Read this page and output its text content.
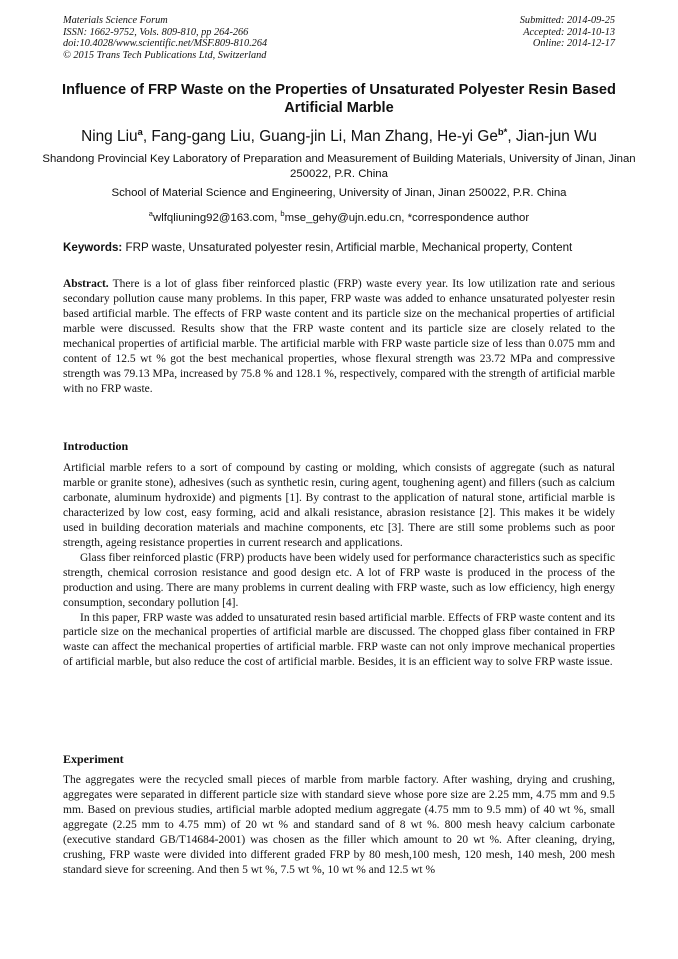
Materials Science Forum
ISSN: 1662-9752, Vols. 809-810, pp 264-266
doi:10.4028/www.scientific.net/MSF.809-810.264
© 2015 Trans Tech Publications Ltd, Switzerland
Submitted: 2014-09-25
Accepted: 2014-10-13
Online: 2014-12-17
Influence of FRP Waste on the Properties of Unsaturated Polyester Resin Based Artificial Marble
Ning Liu$^a$, Fang-gang Liu, Guang-jin Li, Man Zhang, He-yi $Ge^{b*}$, Jian-jun Wu
Shandong Provincial Key Laboratory of Preparation and Measurement of Building Materials, University of Jinan, Jinan 250022, P.R. China
School of Material Science and Engineering, University of Jinan, Jinan 250022, P.R. China
$^a$wlfqliuning92@163.com, $^b$mse_gehy@ujn.edu.cn, *correspondence author
Keywords: FRP waste, Unsaturated polyester resin, Artificial marble, Mechanical property, Content

Abstract. There is a lot of glass fiber reinforced plastic (FRP) waste every year. Its low utilization rate and serious secondary pollution cause many problems. In this paper, FRP waste was added to enhance unsaturated polyester resin based artificial marble. The effects of FRP waste content and its particle size on the mechanical properties of artificial marble were discussed. Results show that the FRP waste content and its particle size are closely related to the mechanical properties of artificial marble. The artificial marble with FRP waste particle size of less than 0.075 mm and content of 12.5 wt % got the best mechanical properties, whose flexural strength was 23.72 MPa and compressive strength was 79.13 MPa, increased by 75.8 % and 128.1 %, respectively, compared with the strength of artificial marble with no FRP waste.

Introduction

Artificial marble refers to a sort of compound by casting or molding, which consists of aggregate (such as natural marble or granite stone), adhesives (such as synthetic resin, curing agent, toughening agent) and fillers (such as calcium carbonate, aluminum hydroxide) and pigments [1]. By contrast to the application of natural stone, artificial marble is characterized by low cost, easy forming, acid and alkali resistance, abrasion resistance [2]. This makes it be widely used in building decoration materials and machine components, etc [3]. There are still some problems such as poor strength, ageing resistance properties in current research and applications.

Glass fiber reinforced plastic (FRP) products have been widely used for performance characteristics such as specific strength, chemical corrosion resistance and good design etc. A lot of FRP waste is produced in the process of the production and using. There are many problems in current dealing with FRP waste, such as low efficiency, high energy consumption, secondary pollution [4].

In this paper, FRP waste was added to unsaturated resin based artificial marble. Effects of FRP waste content and its particle size on the mechanical properties of artificial marble are discussed. The chopped glass fiber contained in FRP waste can affect the mechanical properties of artificial marble. FRP waste can not only improve mechanical properties of artificial marble, but also reduce the cost of artificial marble. Besides, it is an efficient way to solve FRP waste issue.

Experiment

The aggregates were the recycled small pieces of marble from marble factory. After washing, drying and crushing, aggregates were separated in different particle size with standard sieve whose pore size are 2.25 mm, 4.75 mm and 9.5 mm. Based on previous studies, artificial marble adopted medium aggregate (4.75 mm to 9.5 mm) of 40 wt %, small aggregate (2.25 mm to 4.75 mm) of 20 wt % and standard sand of 8 wt %. 800 mesh heavy calcium carbonate (executive standard GB/T14684-2001) was chosen as the filler which amount to 20 wt %. After cleaning, drying, crushing, FRP waste were divided into different graded FRP by 80 mesh,100 mesh, 120 mesh, 140 mesh, 200 mesh standard sieve for screening. And then 5 wt %, 7.5 wt %, 10 wt % and 12.5 wt %
